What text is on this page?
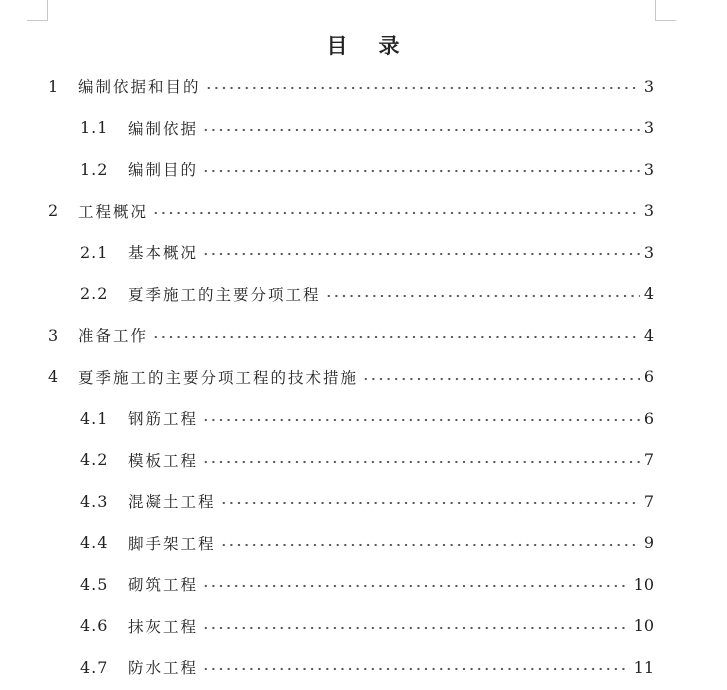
目 录
1 编制依据和目的	3
1.1 编制依据	3
1.2 编制目的	3
2 工程概况	3
2.1 基本概况	3
2.2 夏季施工的主要分项工程	4
3 准备工作	4
4 夏季施工的主要分项工程的技术措施	6
4.1 钢筋工程	6
4.2 模板工程	7
4.3 混凝土工程	7
4.4 脚手架工程	9
4.5 砌筑工程	10
4.6 抹灰工程	10
4.7 防水工程	11
